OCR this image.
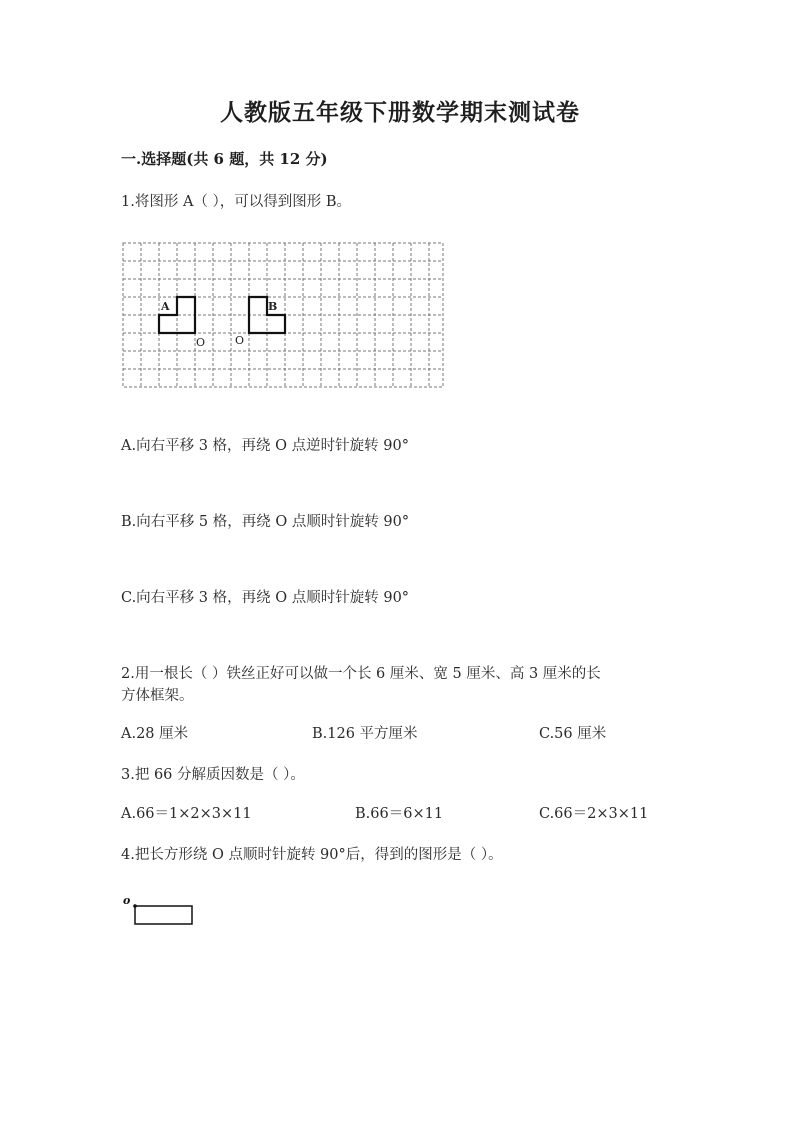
人教版五年级下册数学期末测试卷
一.选择题(共 6 题，共 12 分)
1.将图形 A（ ），可以得到图形 B。
A	B
O	O
A.向右平移 3 格，再绕 O 点逆时针旋转 90°
B.向右平移 5 格，再绕 O 点顺时针旋转 90°
C.向右平移 3 格，再绕 O 点顺时针旋转 90°
2.用一根长（ ）铁丝正好可以做一个长 6 厘米、宽 5 厘米、高 3 厘米的长
方体框架。
A.28 厘米	B.126 平方厘米	C.56 厘米
3.把 66 分解质因数是（ ）。
A.66＝1×2×3×11	B.66＝6×11	C.66＝2×3×11
4.把长方形绕 O 点顺时针旋转 90°后，得到的图形是（ ）。
o
